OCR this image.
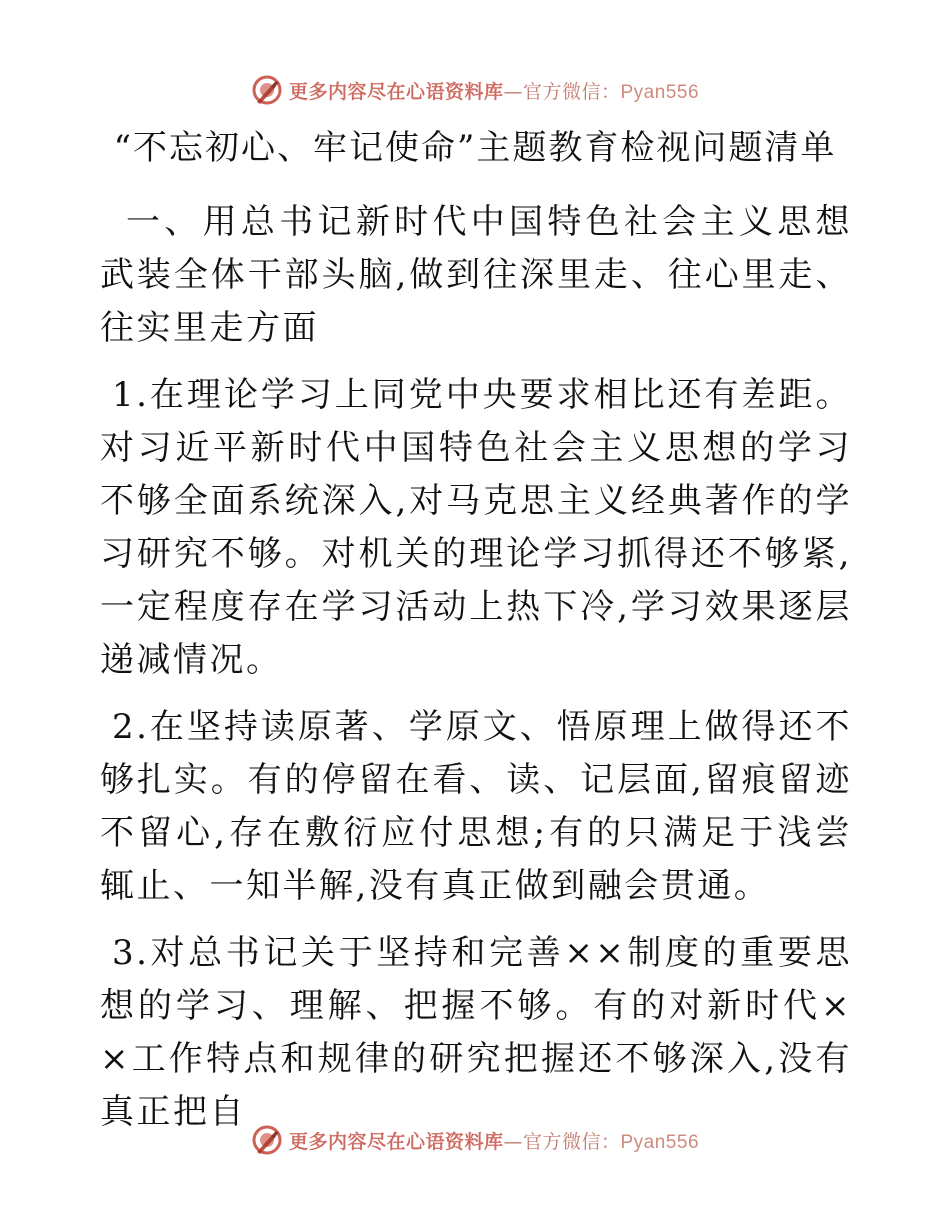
更多内容尽在心语资料库—官方微信：Pyan556
“不忘初心、牢记使命”主题教育检视问题清单

一、用总书记新时代中国特色社会主义思想武装全体干部头脑,做到往深里走、往心里走、往实里走方面

1.在理论学习上同党中央要求相比还有差距。对习近平新时代中国特色社会主义思想的学习不够全面系统深入,对马克思主义经典著作的学习研究不够。对机关的理论学习抓得还不够紧,一定程度存在学习活动上热下冷,学习效果逐层递减情况。

2.在坚持读原著、学原文、悟原理上做得还不够扎实。有的停留在看、读、记层面,留痕留迹不留心,存在敷衍应付思想;有的只满足于浅尝辄止、一知半解,没有真正做到融会贯通。

3.对总书记关于坚持和完善××制度的重要思想的学习、理解、把握不够。有的对新时代××工作特点和规律的研究把握还不够深入,没有真正把自

更多内容尽在心语资料库—官方微信：Pyan556
